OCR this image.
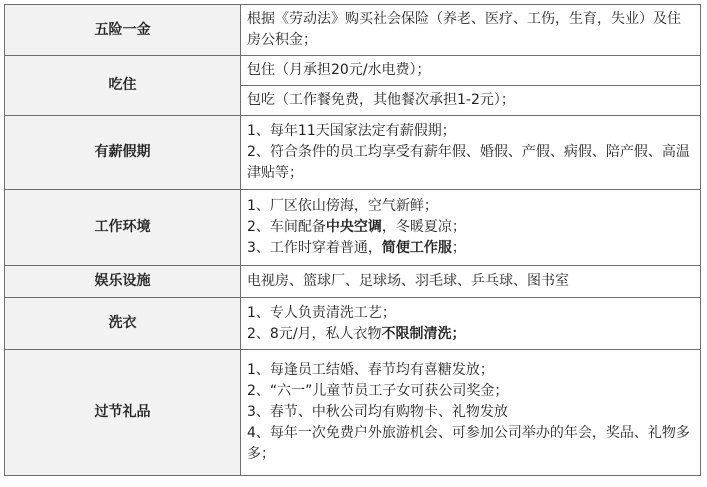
五险一金	根据《劳动法》购买社会保险（养老、医疗、工伤，生育，失业）及住房公积金；

吃住	包住（月承担20元/水电费）；

	包吃（工作餐免费，其他餐次承担1-2元）；

有薪假期	1、每年11天国家法定有薪假期；
2、符合条件的员工均享受有薪年假、婚假、产假、病假、陪产假、高温津贴等；

工作环境	1、厂区依山傍海，空气新鲜；
2、车间配备中央空调，冬暖夏凉；
3、工作时穿着普通，简便工作服；

娱乐设施	电视房、篮球厂、足球场、羽毛球、乒乓球、图书室

洗衣	1、专人负责清洗工艺；
2、8元/月，私人衣物不限制清洗；

过节礼品	1、每逢员工结婚、春节均有喜糖发放；
2、“六一”儿童节员工子女可获公司奖金；
3、春节、中秋公司均有购物卡、礼物发放
4、每年一次免费户外旅游机会、可参加公司举办的年会，奖品、礼物多多；
